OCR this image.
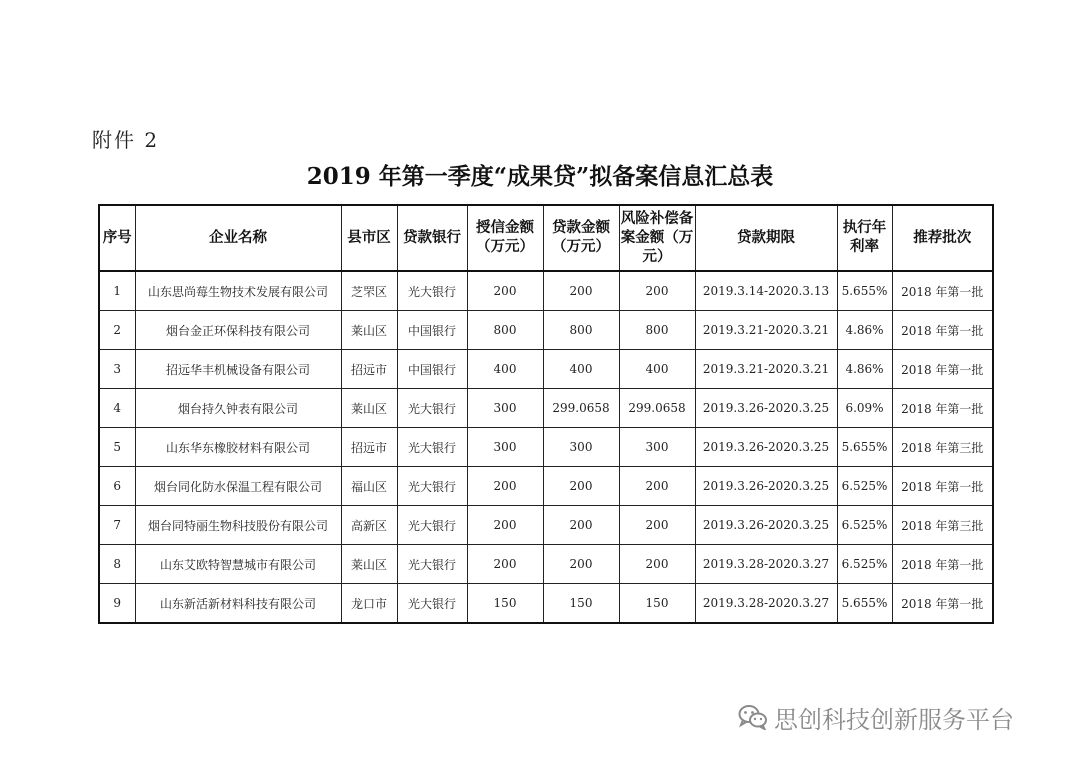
附件 2
2019 年第一季度“成果贷”拟备案信息汇总表
序号	企业名称	县市区	贷款银行	授信金额（万元）	贷款金额（万元）	风险补偿备案金额（万元）	贷款期限	执行年利率	推荐批次
1	山东思尚莓生物技术发展有限公司	芝罘区	光大银行	200	200	200	2019.3.14-2020.3.13	5.655%	2018 年第一批
2	烟台金正环保科技有限公司	莱山区	中国银行	800	800	800	2019.3.21-2020.3.21	4.86%	2018 年第一批
3	招远华丰机械设备有限公司	招远市	中国银行	400	400	400	2019.3.21-2020.3.21	4.86%	2018 年第一批
4	烟台持久钟表有限公司	莱山区	光大银行	300	299.0658	299.0658	2019.3.26-2020.3.25	6.09%	2018 年第一批
5	山东华东橡胶材料有限公司	招远市	光大银行	300	300	300	2019.3.26-2020.3.25	5.655%	2018 年第三批
6	烟台同化防水保温工程有限公司	福山区	光大银行	200	200	200	2019.3.26-2020.3.25	6.525%	2018 年第一批
7	烟台同特丽生物科技股份有限公司	高新区	光大银行	200	200	200	2019.3.26-2020.3.25	6.525%	2018 年第三批
8	山东艾欧特智慧城市有限公司	莱山区	光大银行	200	200	200	2019.3.28-2020.3.27	6.525%	2018 年第一批
9	山东新活新材料科技有限公司	龙口市	光大银行	150	150	150	2019.3.28-2020.3.27	5.655%	2018 年第一批
思创科技创新服务平台
